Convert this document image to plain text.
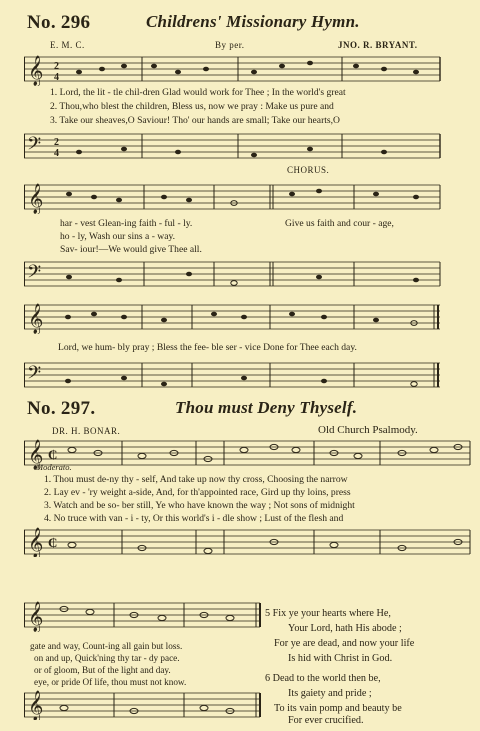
No. 296	Childrens' Missionary Hymn.
E. M. C.	By per.	JNO. R. BRYANT.
𝄞 2
4
1. Lord, the lit - tle chil-dren Glad would work for Thee ; In the world's great
2. Thou,who blest the children, Bless us, now we pray : Make us pure and
3. Take our sheaves,O Saviour! Tho' our hands are small; Take our hearts,O
𝄢 2
4
CHORUS.
𝄞
har - vest Glean-ing faith - ful - ly.	Give us faith and cour - age,
ho - ly, Wash our sins a - way.
Sav- iour!—We would give Thee all.
𝄢
𝄞
Lord, we hum- bly pray ; Bless the fee- ble ser - vice Done for Thee each day.
𝄢
No. 297.	Thou must Deny Thyself.
DR. H. BONAR.	Old Church Psalmody.
𝄞 ₵
Moderato.
1. Thou must de-ny thy - self, And take up now thy cross, Choosing the narrow
2. Lay ev - 'ry weight a-side, And, for th'appointed race, Gird up thy loins, press
3. Watch and be so- ber still, Ye who have known the way ; Not sons of midnight
4. No truce with van - i - ty, Or this world's i - dle show ; Lust of the flesh and
𝄞 ₵
𝄞
gate and way, Count-ing all gain but loss.
on and up, Quick'ning thy tar - dy pace.
or of gloom, But of the light and day.
eye, or pride Of life, thou must not know.
𝄞
5 Fix ye your hearts where He,
Your Lord, hath His abode ;
For ye are dead, and now your life
Is hid with Christ in God.
6 Dead to the world then be,
Its gaiety and pride ;
To its vain pomp and beauty be
For ever crucified.
